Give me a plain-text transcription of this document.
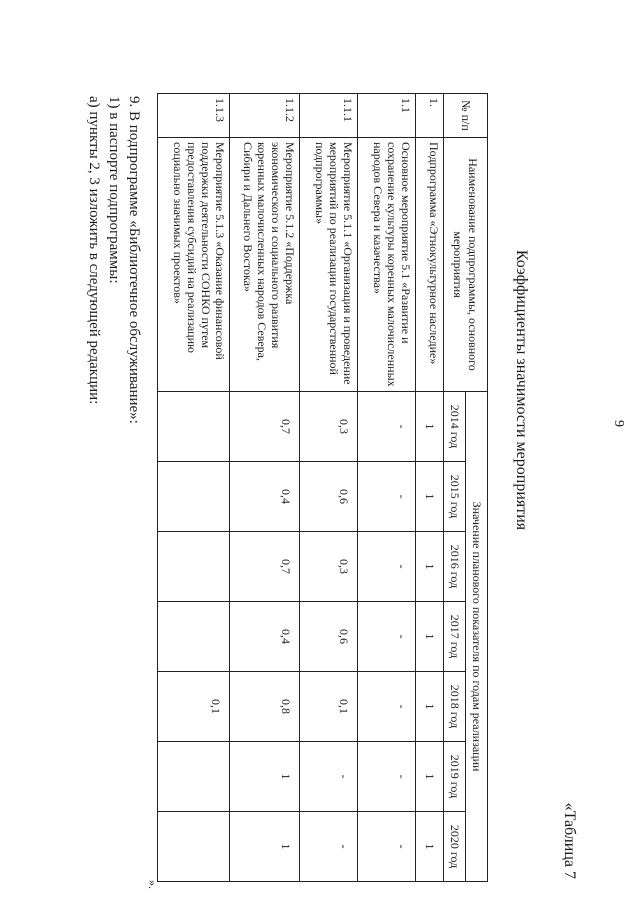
9
«Таблица 7
Коэффициенты значимости мероприятия
№ п/п	Наименование подпрограммы, основного мероприятия	Значение планового показателя по годам реализации						
		2014 год	2015 год	2016 год	2017 год	2018 год	2019 год	2020 год
1.	Подпрограмма «Этнокультурное наследие»	1	1	1	1	1	1	1
1.1	Основное мероприятие 5.1 «Развитие и сохранение культуры коренных малочисленных народов Севера и казачества»	-	-	-	-	-	-	-
1.1.1	Мероприятие 5.1.1 «Организация и проведение мероприятий по реализации государственной подпрограммы»	0,3	0,6	0,3	0,6	0,1	-	-
1.1.2	Мероприятие 5.1.2 «Поддержка экономического и социального развития коренных малочисленных народов Севера, Сибири и Дальнего Востока»	0,7	0,4	0,7	0,4	0,8	1	1
1.1.3	Мероприятие 5.1.3 «Оказание финансовой поддержки деятельности СОНКО путем предоставления субсидий на реализацию социально значимых проектов»					0,1		
».
9. В подпрограмме «Библиотечное обслуживание»:
1) в паспорте подпрограммы:
а) пункты 2, 3 изложить в следующей редакции:
